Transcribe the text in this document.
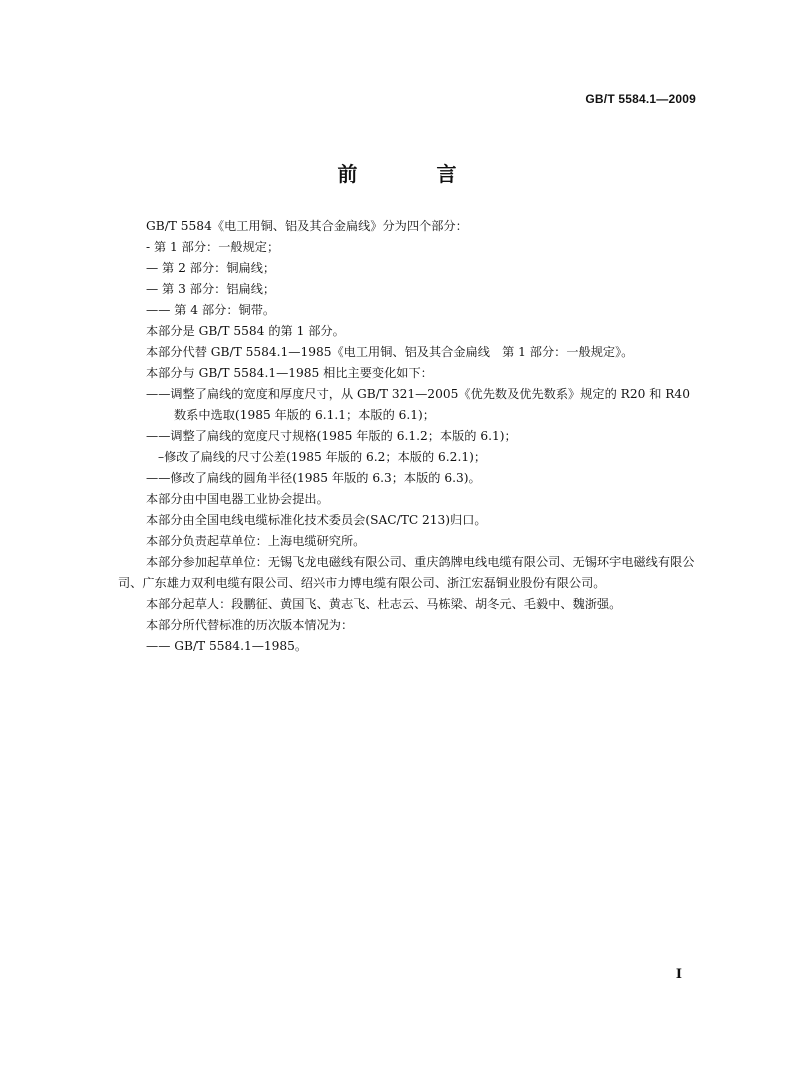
GB/T 5584.1—2009
前 言
GB/T 5584《电工用铜、铝及其合金扁线》分为四个部分：
- 第 1 部分：一般规定；
— 第 2 部分：铜扁线；
— 第 3 部分：铝扁线；
—— 第 4 部分：铜带。
本部分是 GB/T 5584 的第 1 部分。
本部分代替 GB/T 5584.1—1985《电工用铜、铝及其合金扁线　第 1 部分：一般规定》。
本部分与 GB/T 5584.1—1985 相比主要变化如下：
——调整了扁线的宽度和厚度尺寸，从 GB/T 321—2005《优先数及优先数系》规定的 R20 和 R40
数系中选取(1985 年版的 6.1.1；本版的 6.1)；
——调整了扁线的宽度尺寸规格(1985 年版的 6.1.2；本版的 6.1)；
–修改了扁线的尺寸公差(1985 年版的 6.2；本版的 6.2.1)；
——修改了扁线的圆角半径(1985 年版的 6.3；本版的 6.3)。
本部分由中国电器工业协会提出。
本部分由全国电线电缆标准化技术委员会(SAC/TC 213)归口。
本部分负责起草单位：上海电缆研究所。
本部分参加起草单位：无锡飞龙电磁线有限公司、重庆鸽牌电线电缆有限公司、无锡环宇电磁线有限公司、广东雄力双利电缆有限公司、绍兴市力博电缆有限公司、浙江宏磊铜业股份有限公司。
本部分起草人：段鹏征、黄国飞、黄志飞、杜志云、马栋梁、胡冬元、毛毅中、魏浙强。
本部分所代替标准的历次版本情况为：
—— GB/T 5584.1—1985。
I
